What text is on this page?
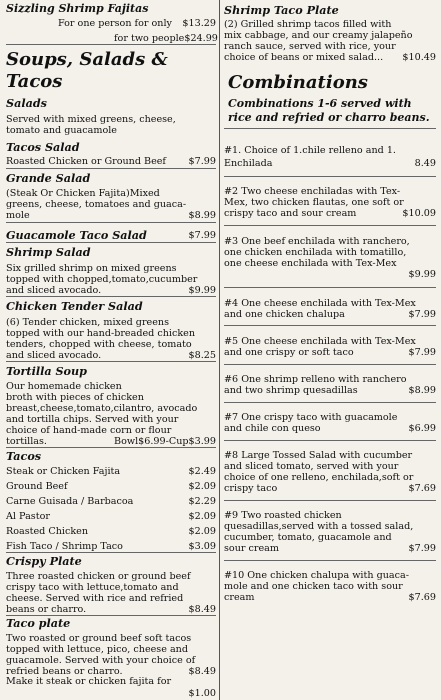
Sizzling Shrimp Fajitas
For one person for only $13.29
for two people $24.99
Soups, Salads &
Tacos
Salads
Served with mixed greens, cheese,
tomato and guacamole
Tacos Salad
Roasted Chicken or Ground Beef $7.99
Grande Salad
(Steak Or Chicken Fajita)Mixed
greens, cheese, tomatoes and guaca-
mole	$8.99
Guacamole Taco Salad	$7.99
Shrimp Salad
Six grilled shrimp on mixed greens
topped with chopped,tomato,cucumber
and sliced avocado.	$9.99
Chicken Tender Salad
(6) Tender chicken, mixed greens
topped with our hand-breaded chicken
tenders, chopped with cheese, tomato
and sliced avocado.	$8.25
Tortilla Soup
Our homemade chicken
broth with pieces of chicken
breast,cheese,tomato,cilantro, avocado
and tortilla chips. Served with your
choice of hand-made corn or flour
tortillas.	Bowl$6.99-Cup$3.99
Tacos
Steak or Chicken Fajita	$2.49
Ground Beef	$2.09
Carne Guisada / Barbacoa	$2.29
Al Pastor	$2.09
Roasted Chicken	$2.09
Fish Taco / Shrimp Taco	$3.09
Crispy Plate
Three roasted chicken or ground beef
crispy taco with lettuce,tomato and
cheese. Served with rice and refried
beans or charro.	$8.49
Taco plate
Two roasted or ground beef soft tacos
topped with lettuce, pico, cheese and
guacamole. Served with your choice of
refried beans or charro.	$8.49
Make it steak or chicken fajita for
$1.00
Shrimp Taco Plate
(2) Grilled shrimp tacos filled with
mix cabbage, and our creamy jalapeño
ranch sauce, served with rice, your
choice of beans or mixed salad... $10.49
Combinations
Combinations 1-6 served with
rice and refried or charro beans.
#1. Choice of 1.chile relleno and 1.
Enchilada	8.49
#2 Two cheese enchiladas with Tex-
Mex, two chicken flautas, one soft or
crispy taco and sour cream	$10.09
#3 One beef enchilada with ranchero,
one chicken enchilada with tomatillo,
one cheese enchilada with Tex-Mex
$9.99
#4 One cheese enchilada with Tex-Mex
and one chicken chalupa	$7.99
#5 One cheese enchilada with Tex-Mex
and one crispy or soft taco	$7.99
#6 One shrimp relleno with ranchero
and two shrimp quesadillas	$8.99
#7 One crispy taco with guacamole
and chile con queso	$6.99
#8 Large Tossed Salad with cucumber
and sliced tomato, served with your
choice of one relleno, enchilada,soft or
crispy taco	$7.69
#9 Two roasted chicken
quesadillas,served with a tossed salad,
cucumber, tomato, guacamole and
sour cream	$7.99
#10 One chicken chalupa with guaca-
mole and one chicken taco with sour
cream	$7.69
